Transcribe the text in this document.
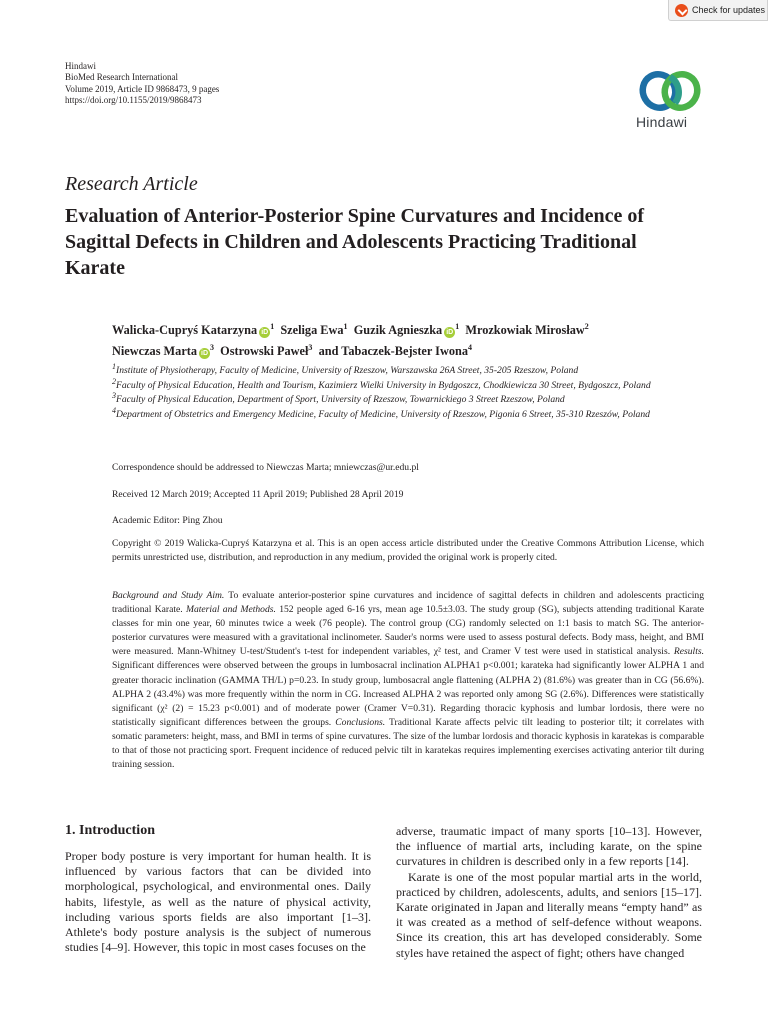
Check for updates
Hindawi
BioMed Research International
Volume 2019, Article ID 9868473, 9 pages
https://doi.org/10.1155/2019/9868473
Hindawi
Research Article
Evaluation of Anterior-Posterior Spine Curvatures and Incidence of Sagittal Defects in Children and Adolescents Practicing Traditional Karate
Walicka-Cupryś Katarzyna $iD^1$ Szeliga Ewa$^1$ Guzik Agnieszka $iD^1$ Mrozkowiak Mirosław$^2$
Niewczas Marta $iD^3$ Ostrowski Paweł$^3$ and Tabaczek-Bejster Iwona$^4$
$^1$Institute of Physiotherapy, Faculty of Medicine, University of Rzeszow, Warszawska 26A Street, 35-205 Rzeszow, Poland
$^2$Faculty of Physical Education, Health and Tourism, Kazimierz Wielki University in Bydgoszcz, Chodkiewicza 30 Street, Bydgoszcz, Poland
$^3$Faculty of Physical Education, Department of Sport, University of Rzeszow, Towarnickiego 3 Street Rzeszow, Poland
$^4$Department of Obstetrics and Emergency Medicine, Faculty of Medicine, University of Rzeszow, Pigonia 6 Street, 35-310 Rzeszów, Poland
Correspondence should be addressed to Niewczas Marta; mniewczas@ur.edu.pl
Received 12 March 2019; Accepted 11 April 2019; Published 28 April 2019
Academic Editor: Ping Zhou
Copyright © 2019 Walicka-Cupryś Katarzyna et al. This is an open access article distributed under the Creative Commons Attribution License, which permits unrestricted use, distribution, and reproduction in any medium, provided the original work is properly cited.
Background and Study Aim. To evaluate anterior-posterior spine curvatures and incidence of sagittal defects in children and adolescents practicing traditional Karate. Material and Methods. 152 people aged 6-16 yrs, mean age 10.5±3.03. The study group (SG), subjects attending traditional Karate classes for min one year, 60 minutes twice a week (76 people). The control group (CG) randomly selected on 1:1 basis to match SG. The anterior-posterior curvatures were measured with a gravitational inclinometer. Sauder's norms were used to assess postural defects. Body mass, height, and BMI were measured. Mann-Whitney U-test/Student's t-test for independent variables, χ² test, and Cramer V test were used in statistical analysis. Results. Significant differences were observed between the groups in lumbosacral inclination ALPHA1 p<0.001; karateka had significantly lower ALPHA 1 and greater thoracic inclination (GAMMA TH/L) p=0.23. In study group, lumbosacral angle flattening (ALPHA 2) (81.6%) was greater than in CG (56.6%). ALPHA 2 (43.4%) was more frequently within the norm in CG. Increased ALPHA 2 was reported only among SG (2.6%). Differences were statistically significant (χ² (2) = 15.23 p<0.001) and of moderate power (Cramer V=0.31). Regarding thoracic kyphosis and lumbar lordosis, there were no statistically significant differences between the groups. Conclusions. Traditional Karate affects pelvic tilt leading to posterior tilt; it correlates with somatic parameters: height, mass, and BMI in terms of spine curvatures. The size of the lumbar lordosis and thoracic kyphosis in karatekas is comparable to that of those not practicing sport. Frequent incidence of reduced pelvic tilt in karatekas requires implementing exercises activating anterior tilt during training session.
1. Introduction

Proper body posture is very important for human health. It is influenced by various factors that can be divided into morphological, psychological, and environmental ones. Daily habits, lifestyle, as well as the nature of physical activity, including various sports fields are also important [1–3]. Athlete's body posture analysis is the subject of numerous studies [4–9]. However, this topic in most cases focuses on the

adverse, traumatic impact of many sports [10–13]. However, the influence of martial arts, including karate, on the spine curvatures in children is described only in a few reports [14].

Karate is one of the most popular martial arts in the world, practiced by children, adolescents, adults, and seniors [15–17]. Karate originated in Japan and literally means “empty hand” as it was created as a method of self-defence without weapons. Since its creation, this art has developed considerably. Some styles have retained the aspect of fight; others have changed
